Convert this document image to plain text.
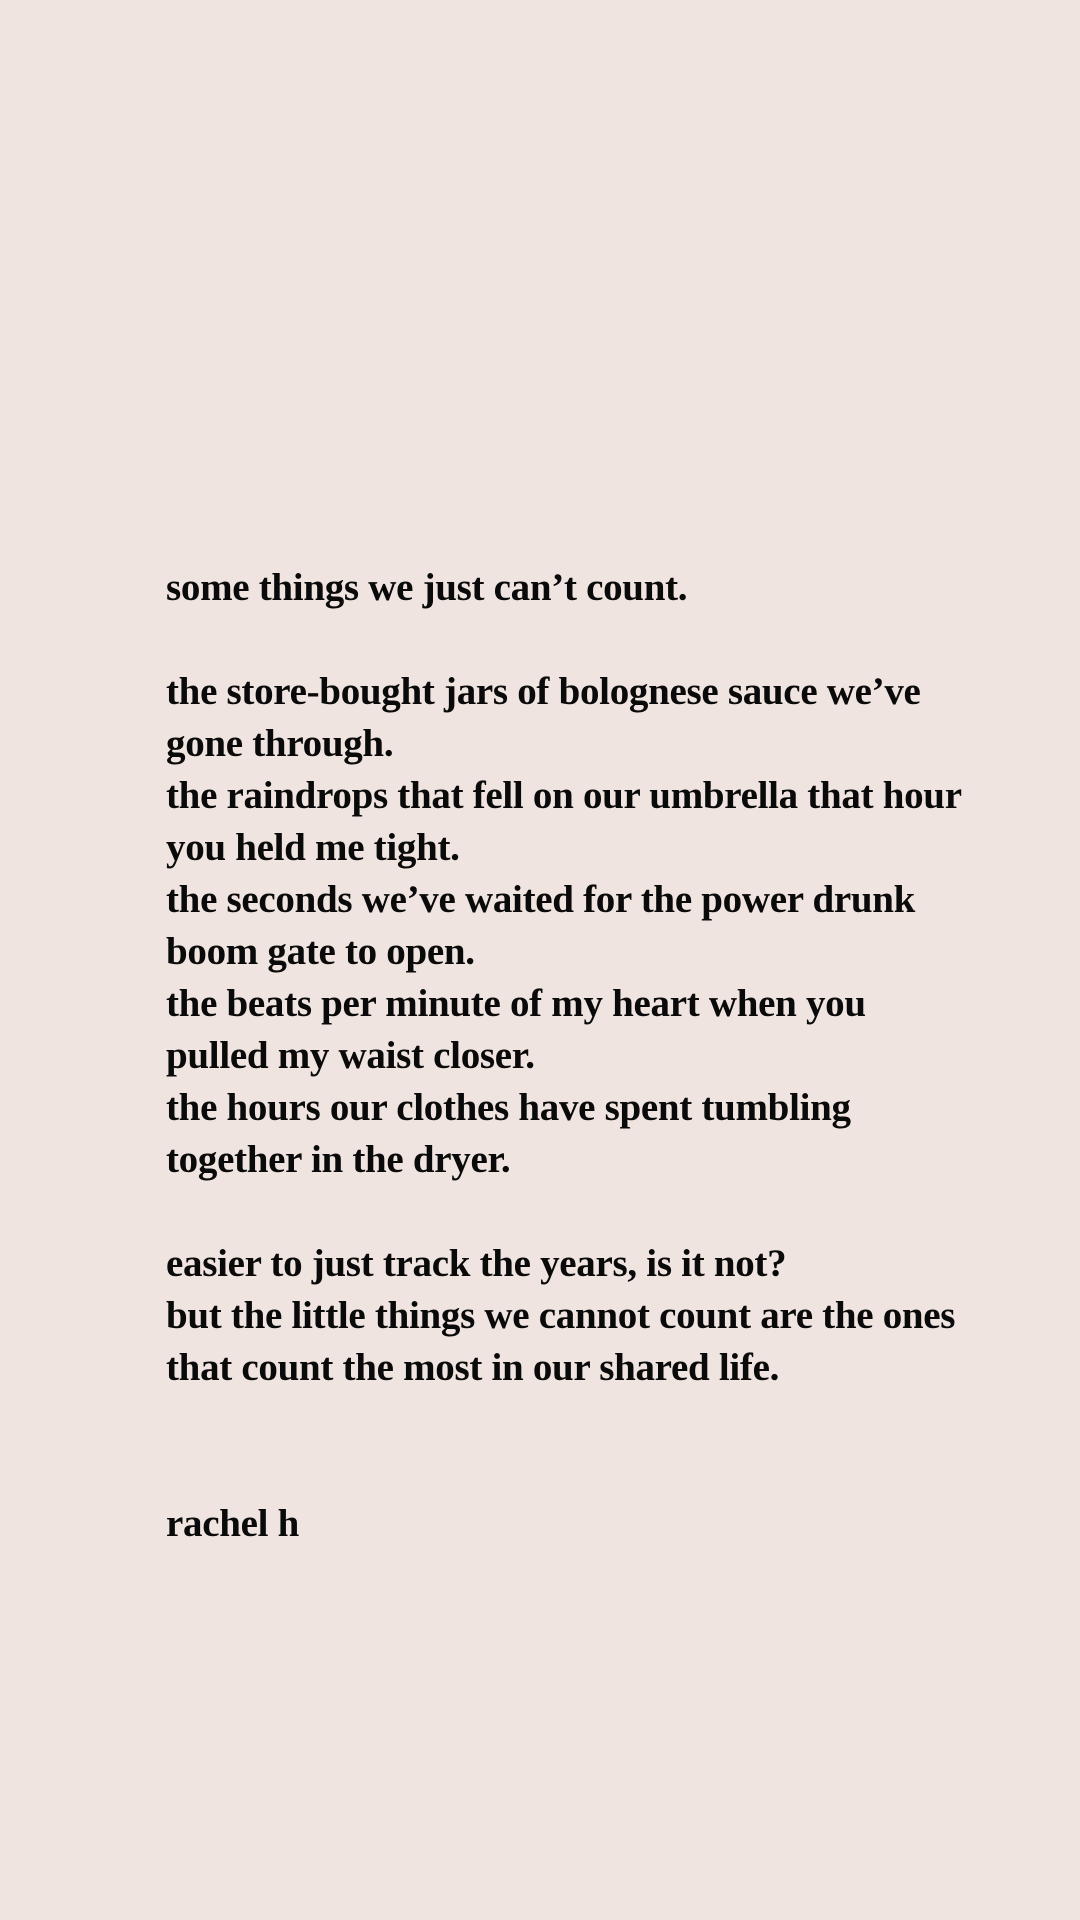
some things we just can’t count.
the store-bought jars of bolognese sauce we’ve
gone through.
the raindrops that fell on our umbrella that hour
you held me tight.
the seconds we’ve waited for the power drunk
boom gate to open.
the beats per minute of my heart when you
pulled my waist closer.
the hours our clothes have spent tumbling
together in the dryer.
easier to just track the years, is it not?
but the little things we cannot count are the ones
that count the most in our shared life.
rachel h
